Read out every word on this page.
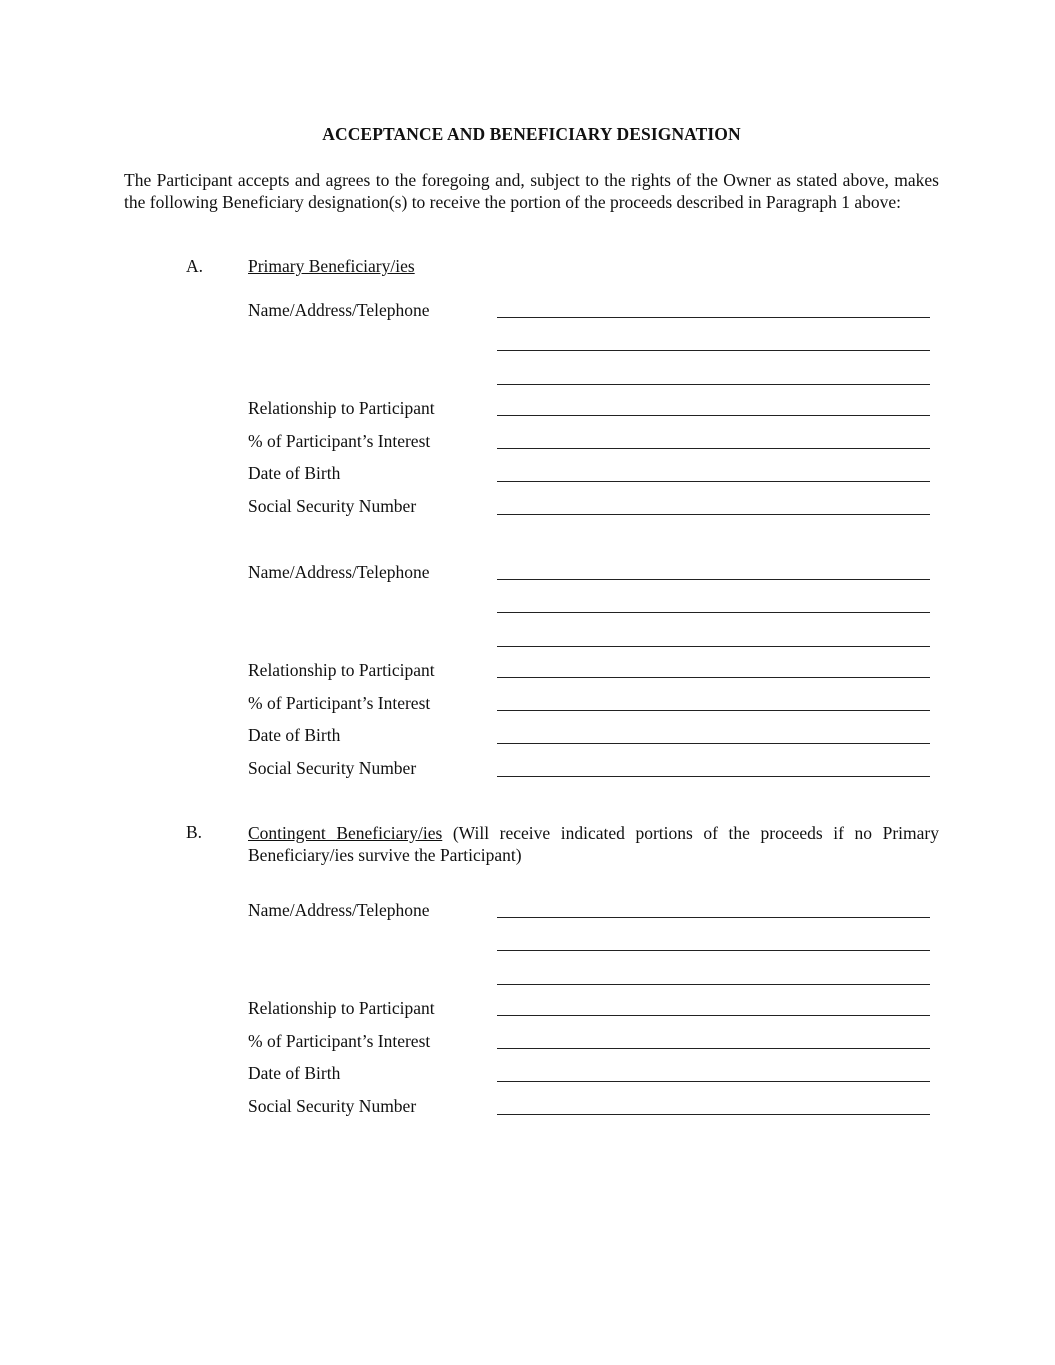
ACCEPTANCE AND BENEFICIARY DESIGNATION
The Participant accepts and agrees to the foregoing and, subject to the rights of the Owner as stated above, makes the following Beneficiary designation(s) to receive the portion of the proceeds described in Paragraph 1 above:
A.	Primary Beneficiary/ies
Name/Address/Telephone
Relationship to Participant
% of Participant’s Interest
Date of Birth
Social Security Number
Name/Address/Telephone
Relationship to Participant
% of Participant’s Interest
Date of Birth
Social Security Number
B.	Contingent Beneficiary/ies (Will receive indicated portions of the proceeds if no Primary Beneficiary/ies survive the Participant)
Name/Address/Telephone
Relationship to Participant
% of Participant’s Interest
Date of Birth
Social Security Number
